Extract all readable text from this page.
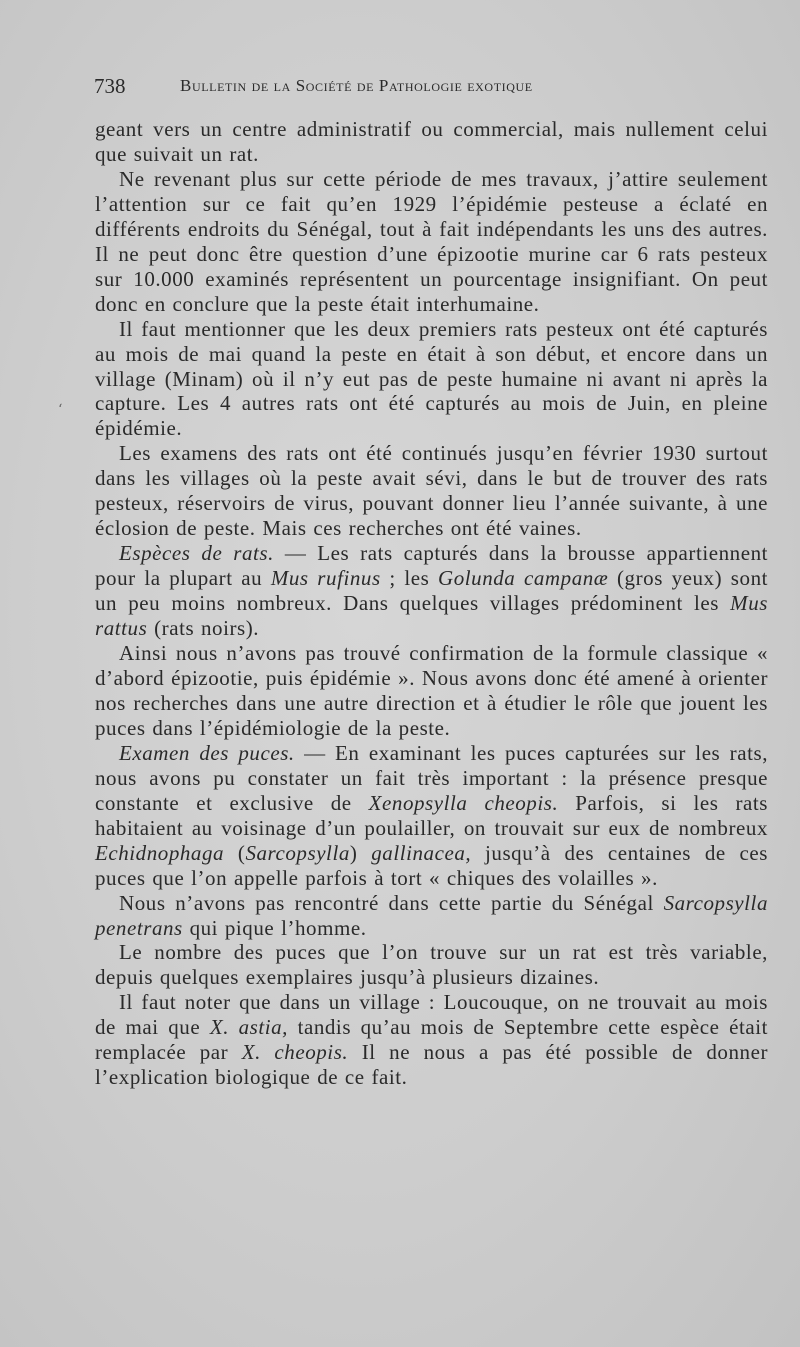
738	Bulletin de la Société de Pathologie exotique
‘

geant vers un centre administratif ou commercial, mais nullement celui que suivait un rat.

Ne revenant plus sur cette période de mes travaux, j’attire seulement l’attention sur ce fait qu’en 1929 l’épidémie pesteuse a éclaté en différents endroits du Sénégal, tout à fait indépendants les uns des autres. Il ne peut donc être question d’une épizootie murine car 6 rats pesteux sur 10.000 examinés représentent un pourcentage insignifiant. On peut donc en conclure que la peste était interhumaine.

Il faut mentionner que les deux premiers rats pesteux ont été capturés au mois de mai quand la peste en était à son début, et encore dans un village (Minam) où il n’y eut pas de peste humaine ni avant ni après la capture. Les 4 autres rats ont été capturés au mois de Juin, en pleine épidémie.

Les examens des rats ont été continués jusqu’en février 1930 surtout dans les villages où la peste avait sévi, dans le but de trouver des rats pesteux, réservoirs de virus, pouvant donner lieu l’année suivante, à une éclosion de peste. Mais ces recherches ont été vaines.

Espèces de rats. — Les rats capturés dans la brousse appartiennent pour la plupart au Mus rufinus ; les Golunda campanæ (gros yeux) sont un peu moins nombreux. Dans quelques villages prédominent les Mus rattus (rats noirs).

Ainsi nous n’avons pas trouvé confirmation de la formule classique « d’abord épizootie, puis épidémie ». Nous avons donc été amené à orienter nos recherches dans une autre direction et à étudier le rôle que jouent les puces dans l’épidémiologie de la peste.

Examen des puces. — En examinant les puces capturées sur les rats, nous avons pu constater un fait très important : la présence presque constante et exclusive de Xenopsylla cheopis. Parfois, si les rats habitaient au voisinage d’un poulailler, on trouvait sur eux de nombreux Echidnophaga (Sarcopsylla) gallinacea, jusqu’à des centaines de ces puces que l’on appelle parfois à tort « chiques des volailles ».

Nous n’avons pas rencontré dans cette partie du Sénégal Sarcopsylla penetrans qui pique l’homme.

Le nombre des puces que l’on trouve sur un rat est très variable, depuis quelques exemplaires jusqu’à plusieurs dizaines.

Il faut noter que dans un village : Loucouque, on ne trouvait au mois de mai que X. astia, tandis qu’au mois de Septembre cette espèce était remplacée par X. cheopis. Il ne nous a pas été possible de donner l’explication biologique de ce fait.
